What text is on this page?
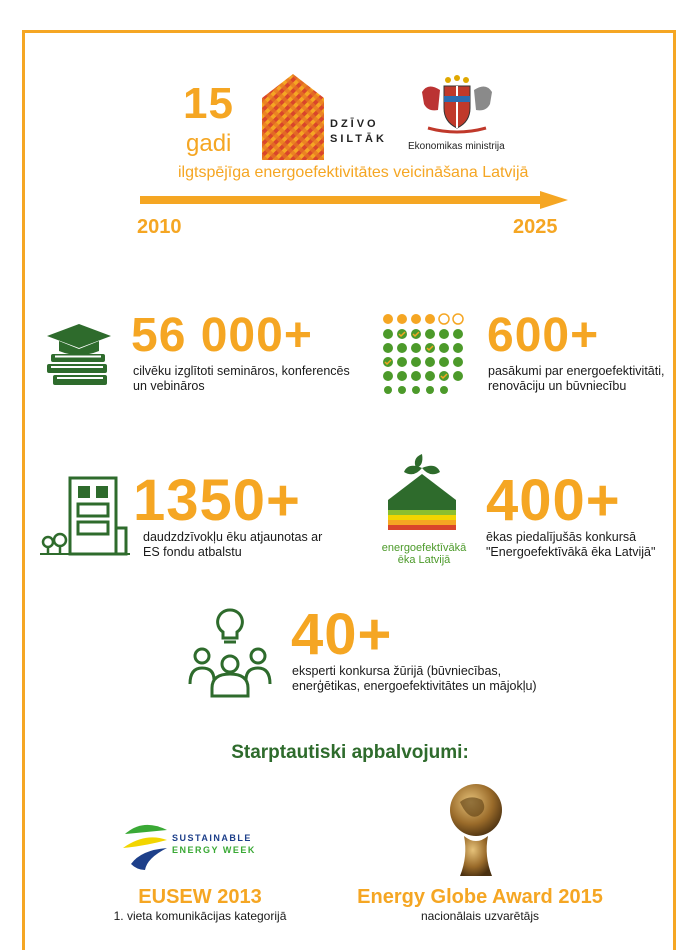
15
gadi
DZĪVO
SILTĀK
Ekonomikas ministrija
ilgtspējīga energoefektivitātes veicināšana Latvijā
2010	2025
56 000+
cilvēku izglītoti semināros, konferencēs
un vebināros
600+
pasākumi par energoefektivitāti,
renovāciju un būvniecību
1350+
daudzdzīvokļu ēku atjaunotas ar
ES fondu atbalstu	energoefektīvākā
ēka Latvijā
400+
ēkas piedalījušās konkursā
"Energoefektīvākā ēka Latvijā"
40+
eksperti konkursa žūrijā (būvniecības,
enerģētikas, energoefektivitātes un mājokļu)
Starptautiski apbalvojumi:
SUSTAINABLE
ENERGY WEEK
EUSEW 2013
1. vieta komunikācijas kategorijā
Energy Globe Award 2015
nacionālais uzvarētājs
